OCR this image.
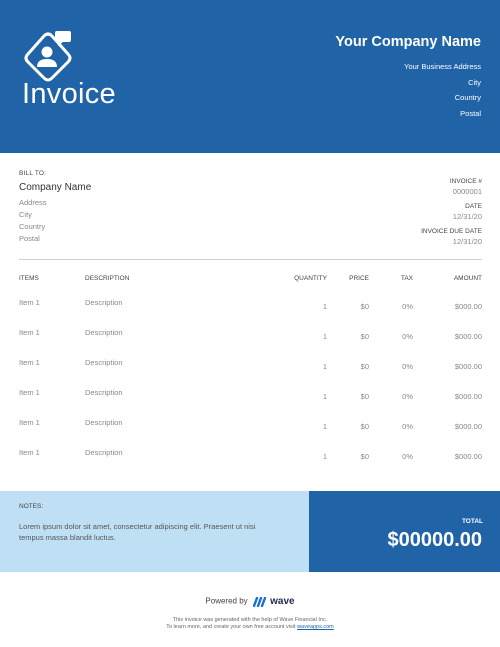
Invoice
Your Company Name
Your Business Address
City
Country
Postal
BILL TO:
Company Name
Address
City
Country
Postal
INVOICE #
0000001
DATE
12/31/20
INVOICE DUE DATE
12/31/20
ITEMS	DESCRIPTION	QUANTITY	PRICE	TAX	AMOUNT
Item 1	Description	1	$0	0%	$000.00
Item 1	Description	1	$0	0%	$000.00
Item 1	Description	1	$0	0%	$000.00
Item 1	Description	1	$0	0%	$000.00
Item 1	Description	1	$0	0%	$000.00
Item 1	Description	1	$0	0%	$000.00
NOTES:
Lorem ipsum dolor sit amet, consectetur adipiscing elit. Praesent ut nisi tempus massa blandit luctus.
TOTAL
$00000.00
Powered by wave
This invoice was generated with the help of Wave Financial Inc.
To learn more, and create your own free account visit waveapps.com
